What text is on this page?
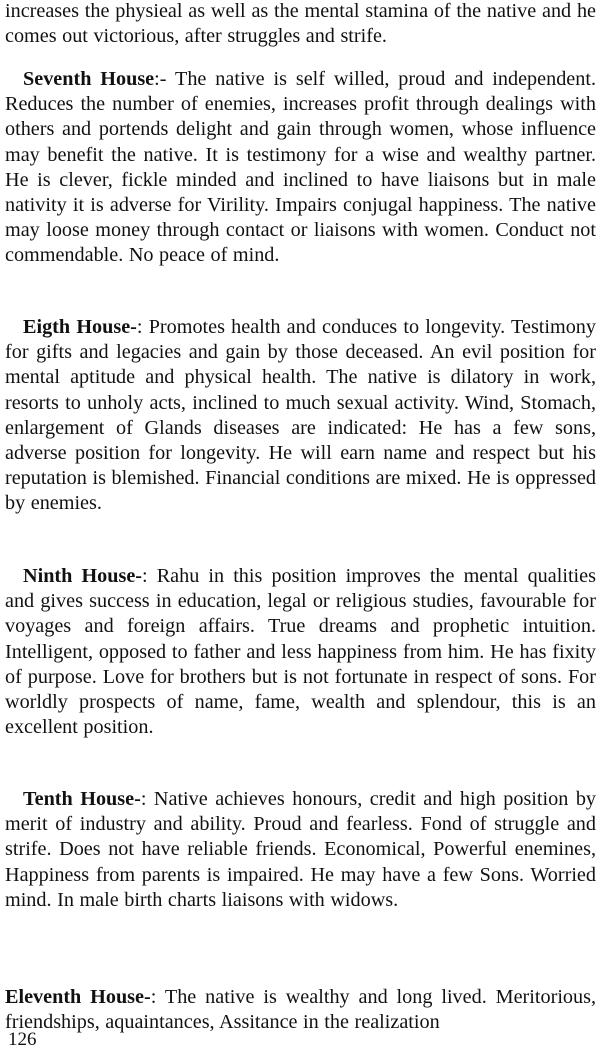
increases the physieal as well as the mental stamina of the native and he comes out victorious, after struggles and strife.

Seventh House:- The native is self willed, proud and independent. Reduces the number of enemies, increases profit through dealings with others and portends delight and gain through women, whose influence may benefit the native. It is testimony for a wise and wealthy partner. He is clever, fickle minded and inclined to have liaisons but in male nativity it is adverse for Virility. Impairs conjugal happiness. The native may loose money through contact or liaisons with women. Conduct not commendable. No peace of mind.

Eigth House-: Promotes health and conduces to longevity. Testimony for gifts and legacies and gain by those deceased. An evil position for mental aptitude and physical health. The native is dilatory in work, resorts to unholy acts, inclined to much sexual activity. Wind, Stomach, enlargement of Glands diseases are indicated: He has a few sons, adverse position for longevity. He will earn name and respect but his reputation is blemished. Financial conditions are mixed. He is oppressed by enemies.

Ninth House-: Rahu in this position improves the mental qualities and gives success in education, legal or religious studies, favourable for voyages and foreign affairs. True dreams and prophetic intuition. Intelligent, opposed to father and less happiness from him. He has fixity of purpose. Love for brothers but is not fortunate in respect of sons. For worldly prospects of name, fame, wealth and splendour, this is an excellent position.

Tenth House-: Native achieves honours, credit and high position by merit of industry and ability. Proud and fearless. Fond of struggle and strife. Does not have reliable friends. Economical, Powerful enemines, Happiness from parents is impaired. He may have a few Sons. Worried mind. In male birth charts liaisons with widows.

Eleventh House-: The native is wealthy and long lived. Meritorious, friendships, aquaintances, Assitance in the realization

126
